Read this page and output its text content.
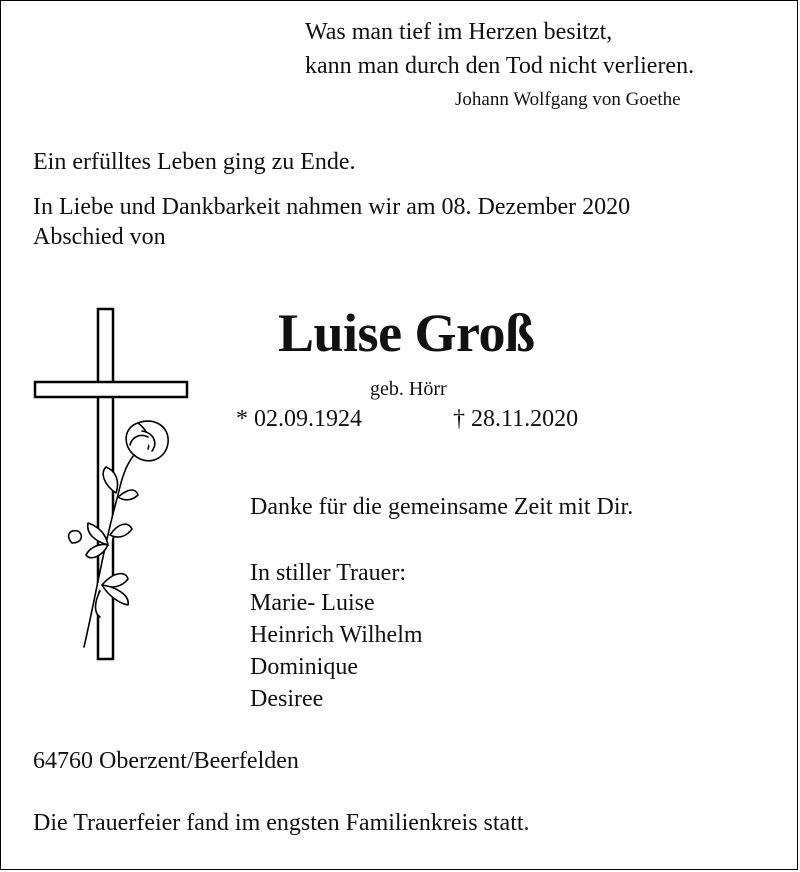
Was man tief im Herzen besitzt,
kann man durch den Tod nicht verlieren.
Johann Wolfgang von Goethe
Ein erfülltes Leben ging zu Ende.
In Liebe und Dankbarkeit nahmen wir am 08. Dezember 2020
Abschied von
Luise Groß
geb. Hörr
* 02.09.1924	† 28.11.2020
Danke für die gemeinsame Zeit mit Dir.
In stiller Trauer:
Marie- Luise
Heinrich Wilhelm
Dominique
Desiree
64760 Oberzent/Beerfelden
Die Trauerfeier fand im engsten Familienkreis statt.
